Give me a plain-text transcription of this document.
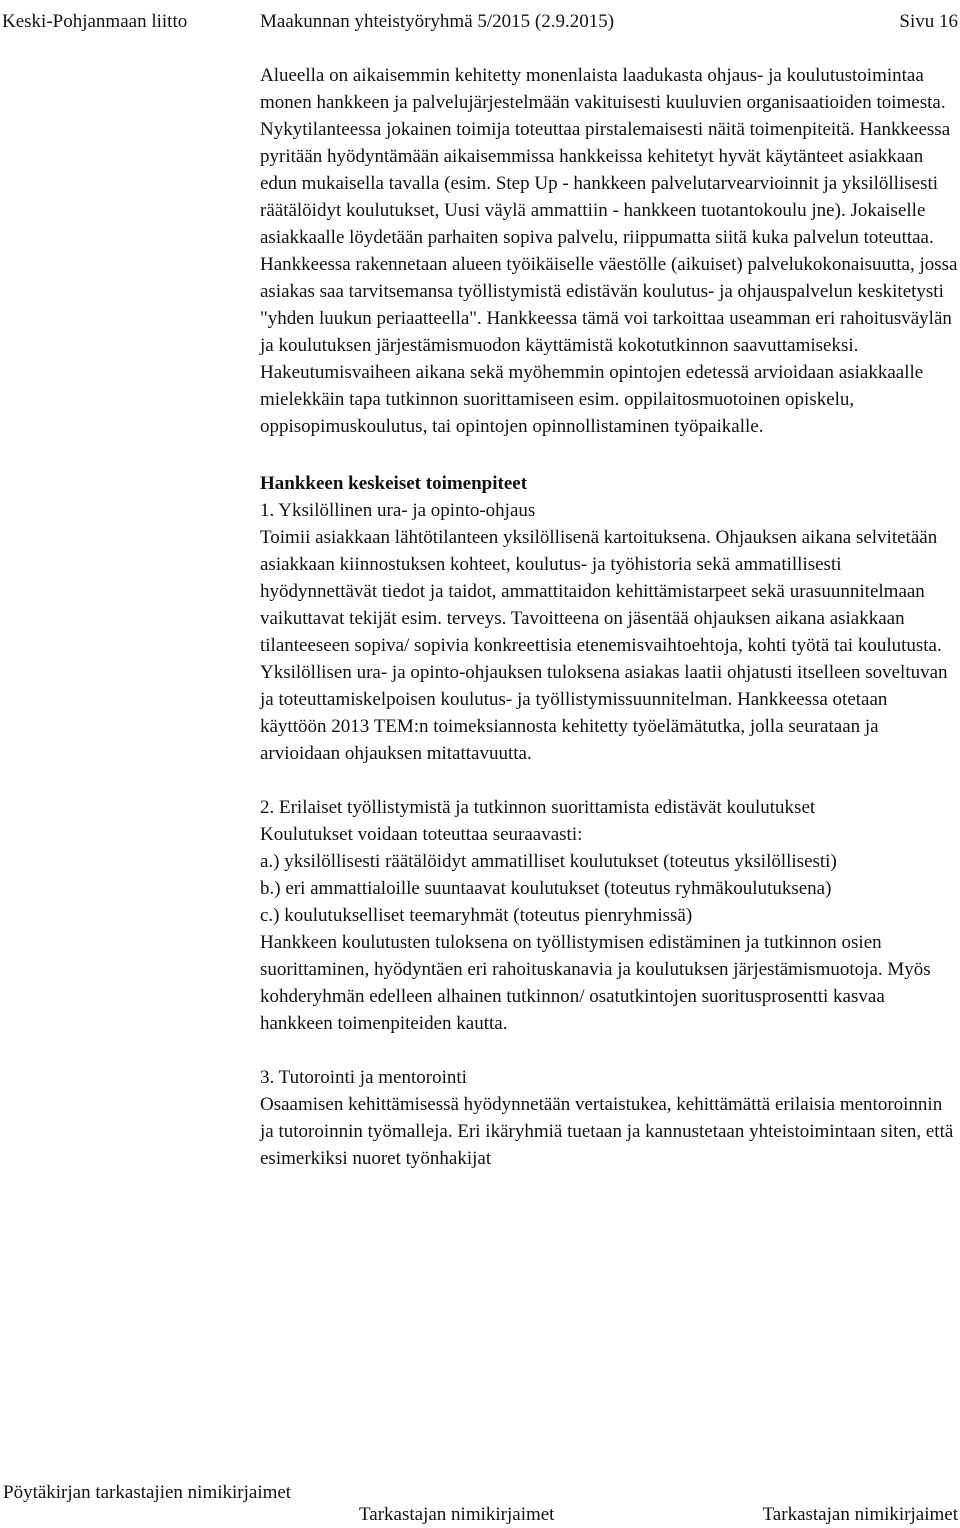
Keski-Pohjanmaan liitto	Maakunnan yhteistyöryhmä 5/2015 (2.9.2015)	Sivu 16

Alueella on aikaisemmin kehitetty monenlaista laadukasta ohjaus- ja koulutustoimintaa monen hankkeen ja palvelujärjestelmään vakituisesti kuuluvien organisaatioiden toimesta. Nykytilanteessa jokainen toimija toteuttaa pirstalemaisesti näitä toimenpiteitä. Hankkeessa pyritään hyödyntämään aikaisemmissa hankkeissa kehitetyt hyvät käytänteet asiakkaan edun mukaisella tavalla (esim. Step Up - hankkeen palvelutarvearvioinnit ja yksilöllisesti räätälöidyt koulutukset, Uusi väylä ammattiin - hankkeen tuotantokoulu jne). Jokaiselle asiakkaalle löydetään parhaiten sopiva palvelu, riippumatta siitä kuka palvelun toteuttaa. Hankkeessa rakennetaan alueen työikäiselle väestölle (aikuiset) palvelukokonaisuutta, jossa asiakas saa tarvitsemansa työllistymistä edistävän koulutus- ja ohjauspalvelun keskitetysti "yhden luukun periaatteella". Hankkeessa tämä voi tarkoittaa useamman eri rahoitusväylän ja koulutuksen järjestämismuodon käyttämistä kokotutkinnon saavuttamiseksi. Hakeutumisvaiheen aikana sekä myöhemmin opintojen edetessä arvioidaan asiakkaalle mielekkäin tapa tutkinnon suorittamiseen esim. oppilaitosmuotoinen opiskelu, oppisopimuskoulutus, tai opintojen opinnollistaminen työpaikalle.

Hankkeen keskeiset toimenpiteet

1. Yksilöllinen ura- ja opinto-ohjaus

Toimii asiakkaan lähtötilanteen yksilöllisenä kartoituksena. Ohjauksen aikana selvitetään asiakkaan kiinnostuksen kohteet, koulutus- ja työhistoria sekä ammatillisesti hyödynnettävät tiedot ja taidot, ammattitaidon kehittämistarpeet sekä urasuunnitelmaan vaikuttavat tekijät esim. terveys. Tavoitteena on jäsentää ohjauksen aikana asiakkaan tilanteeseen sopiva/ sopivia konkreettisia etenemisvaihtoehtoja, kohti työtä tai koulutusta. Yksilöllisen ura- ja opinto-ohjauksen tuloksena asiakas laatii ohjatusti itselleen soveltuvan ja toteuttamiskelpoisen koulutus- ja työllistymissuunnitelman. Hankkeessa otetaan käyttöön 2013 TEM:n toimeksiannosta kehitetty työelämätutka, jolla seurataan ja arvioidaan ohjauksen mitattavuutta.

2. Erilaiset työllistymistä ja tutkinnon suorittamista edistävät koulutukset

Koulutukset voidaan toteuttaa seuraavasti:

a.) yksilöllisesti räätälöidyt ammatilliset koulutukset (toteutus yksilöllisesti)

b.) eri ammattialoille suuntaavat koulutukset (toteutus ryhmäkoulutuksena)

c.) koulutukselliset teemaryhmät (toteutus pienryhmissä)

Hankkeen koulutusten tuloksena on työllistymisen edistäminen ja tutkinnon osien suorittaminen, hyödyntäen eri rahoituskanavia ja koulutuksen järjestämismuotoja. Myös kohderyhmän edelleen alhainen tutkinnon/ osatutkintojen suoritusprosentti kasvaa hankkeen toimenpiteiden kautta.

3. Tutorointi ja mentorointi

Osaamisen kehittämisessä hyödynnetään vertaistukea, kehittämättä erilaisia mentoroinnin ja tutoroinnin työmalleja. Eri ikäryhmiä tuetaan ja kannustetaan yhteistoimintaan siten, että esimerkiksi nuoret työnhakijat

Pöytäkirjan tarkastajien nimikirjaimet
Tarkastajan nimikirjaimet	Tarkastajan nimikirjaimet
